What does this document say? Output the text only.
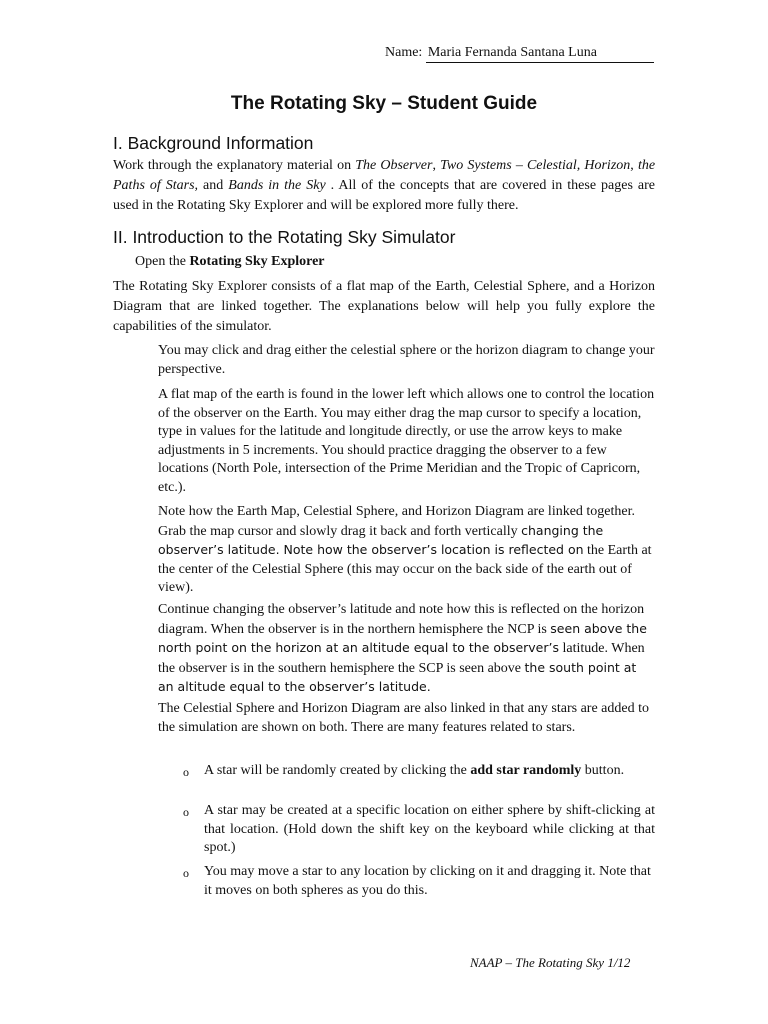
Name: Maria Fernanda Santana Luna
The Rotating Sky – Student Guide
I. Background Information
Work through the explanatory material on The Observer, Two Systems – Celestial, Horizon, the Paths of Stars, and Bands in the Sky . All of the concepts that are covered in these pages are used in the Rotating Sky Explorer and will be explored more fully there.
II. Introduction to the Rotating Sky Simulator
Open the Rotating Sky Explorer
The Rotating Sky Explorer consists of a flat map of the Earth, Celestial Sphere, and a Horizon Diagram that are linked together. The explanations below will help you fully explore the capabilities of the simulator.
You may click and drag either the celestial sphere or the horizon diagram to change your perspective.
A flat map of the earth is found in the lower left which allows one to control the location of the observer on the Earth. You may either drag the map cursor to specify a location, type in values for the latitude and longitude directly, or use the arrow keys to make adjustments in 5 increments. You should practice dragging the observer to a few locations (North Pole, intersection of the Prime Meridian and the Tropic of Capricorn, etc.).
Note how the Earth Map, Celestial Sphere, and Horizon Diagram are linked together. Grab the map cursor and slowly drag it back and forth vertically changing the observer’s latitude. Note how the observer’s location is reflected on the Earth at the center of the Celestial Sphere (this may occur on the back side of the earth out of view).
Continue changing the observer’s latitude and note how this is reflected on the horizon diagram. When the observer is in the northern hemisphere the NCP is seen above the north point on the horizon at an altitude equal to the observer’s latitude. When the observer is in the southern hemisphere the SCP is seen above the south point at an altitude equal to the observer’s latitude.
The Celestial Sphere and Horizon Diagram are also linked in that any stars are added to the simulation are shown on both. There are many features related to stars.
o A star will be randomly created by clicking the add star randomly button.
o A star may be created at a specific location on either sphere by shift-clicking at that location. (Hold down the shift key on the keyboard while clicking at that spot.)
o You may move a star to any location by clicking on it and dragging it. Note that it moves on both spheres as you do this.
NAAP – The Rotating Sky 1/12
